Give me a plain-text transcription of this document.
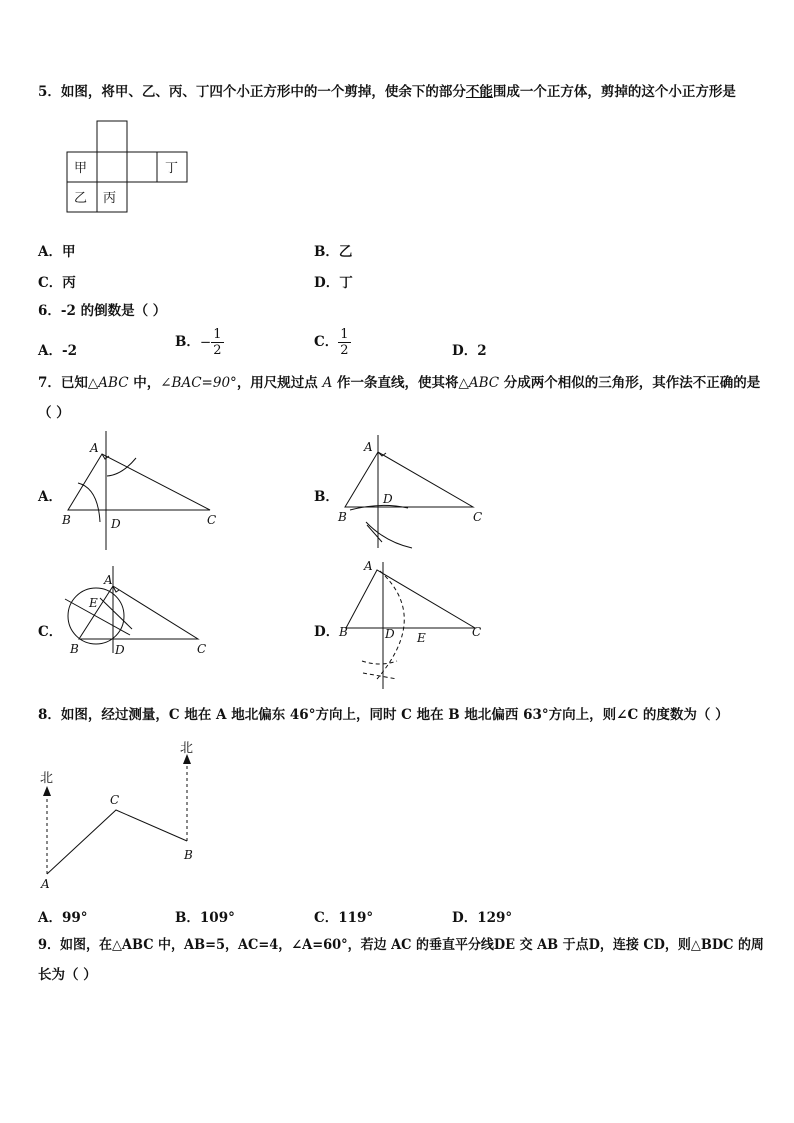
5．如图，将甲、乙、丙、丁四个小正方形中的一个剪掉，使余下的部分不能围成一个正方体，剪掉的这个小正方形是
甲	丁
乙 丙
A．甲	B．乙
C．丙	D．丁
6．-2 的倒数是（ ）
A．-2
B．− $\frac{1}{2}$	C． $\frac{1}{2}$	D．2
7．已知△ABC 中，∠BAC=90°，用尺规过点 A 作一条直线，使其将△ABC 分成两个相似的三角形，其作法不正确的是
（ ）
A．
A
B	D	C
B．
A
B
D
C
C．
A
E
B	D	C
D．
A
B	D E	C
8．如图，经过测量，C 地在 A 地北偏东 46°方向上，同时 C 地在 B 地北偏西 63°方向上，则∠C 的度数为（ ）
北
北
A
C
B
A．99°	B．109°	C．119°	D．129°
9．如图，在△ABC 中，AB=5，AC=4，∠A=60°，若边 AC 的垂直平分线DE 交 AB 于点D，连接 CD，则△BDC 的周
长为（ ）
